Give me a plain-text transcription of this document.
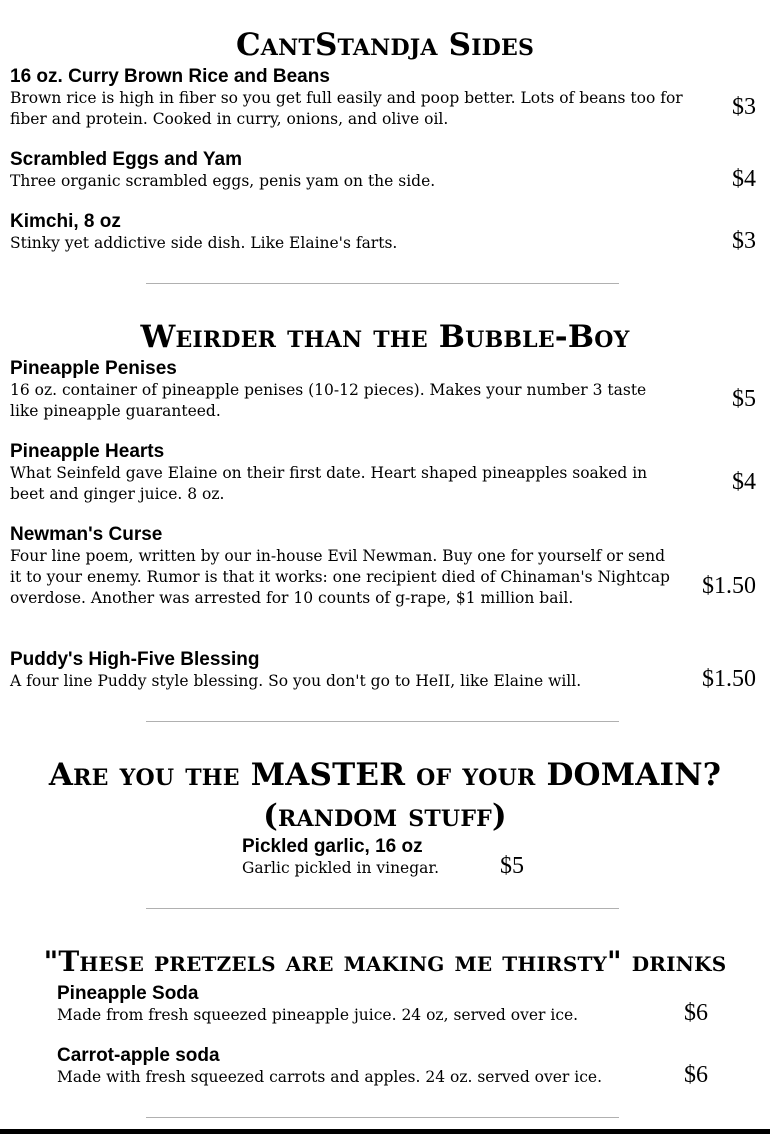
CantStandja Sides
16 oz. Curry Brown Rice and Beans
Brown rice is high in fiber so you get full easily and poop better. Lots of beans too for fiber and protein. Cooked in curry, onions, and olive oil.	$3
Scrambled Eggs and Yam
Three organic scrambled eggs, penis yam on the side.	$4
Kimchi, 8 oz
Stinky yet addictive side dish. Like Elaine's farts.	$3
Weirder than the Bubble-Boy
Pineapple Penises
16 oz. container of pineapple penises (10-12 pieces). Makes your number 3 taste like pineapple guaranteed.	$5
Pineapple Hearts
What Seinfeld gave Elaine on their first date. Heart shaped pineapples soaked in beet and ginger juice. 8 oz.	$4
Newman's Curse
Four line poem, written by our in-house Evil Newman. Buy one for yourself or send it to your enemy. Rumor is that it works: one recipient died of Chinaman's Nightcap overdose. Another was arrested for 10 counts of g-rape, $1 million bail.	$1.50
Puddy's High-Five Blessing
A four line Puddy style blessing. So you don't go to HeII, like Elaine will.	$1.50
Are you the MASTER of your DOMAIN?
(random stuff)
Pickled garlic, 16 oz
Garlic pickled in vinegar.	$5
"These pretzels are making me thirsty" drinks
Pineapple Soda
Made from fresh squeezed pineapple juice. 24 oz, served over ice.	$6
Carrot-apple soda
Made with fresh squeezed carrots and apples. 24 oz. served over ice.	$6
